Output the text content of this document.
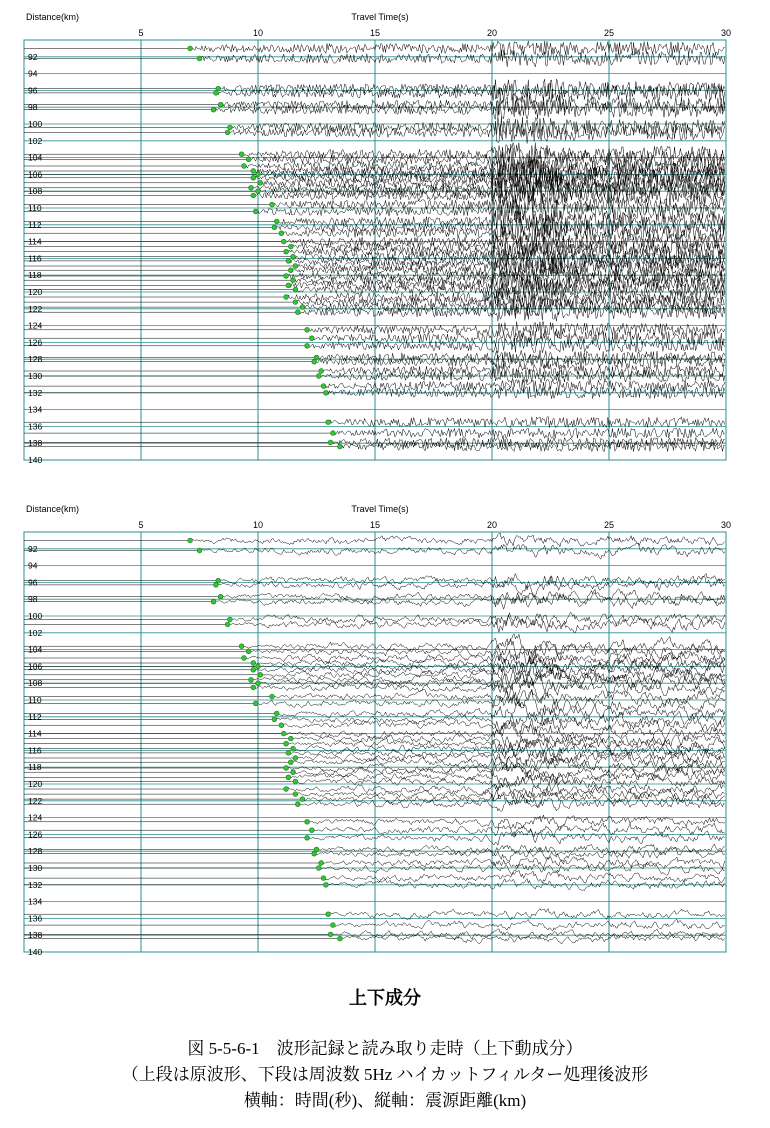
Travel Time(s)
Distance(km)
5	10	15	20	25	30
92
94
96
98
100
102
104
106
108
110
112
114
116
118
120
122
124
126
128
130
132
134
136
138
140
Travel Time(s)
Distance(km)
5	10	15	20	25	30
92
94
96
98
100
102
104
106
108
110
112
114
116
118
120
122
124
126
128
130
132
134
136
138
140
上下成分
図 5-5-6-1　波形記録と読み取り走時（上下動成分）
（上段は原波形、下段は周波数 5Hz ハイカットフィルター処理後波形
横軸：時間(秒)、縦軸：震源距離(km)
